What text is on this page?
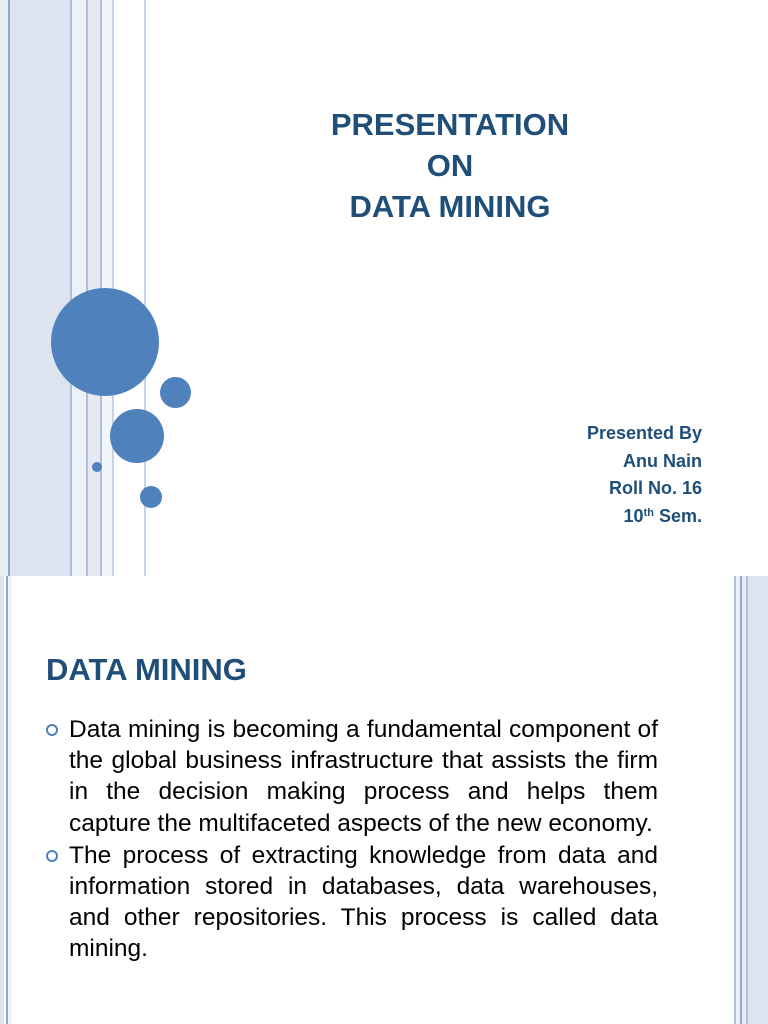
PRESENTATION
ON
DATA MINING
Presented By
Anu Nain
Roll No. 16
10th Sem.
DATA MINING
Data mining is becoming a fundamental component of the global business infrastructure that assists the firm in the decision making process and helps them capture the multifaceted aspects of the new economy.
The process of extracting knowledge from data and information stored in databases, data warehouses, and other repositories. This process is called data mining.
